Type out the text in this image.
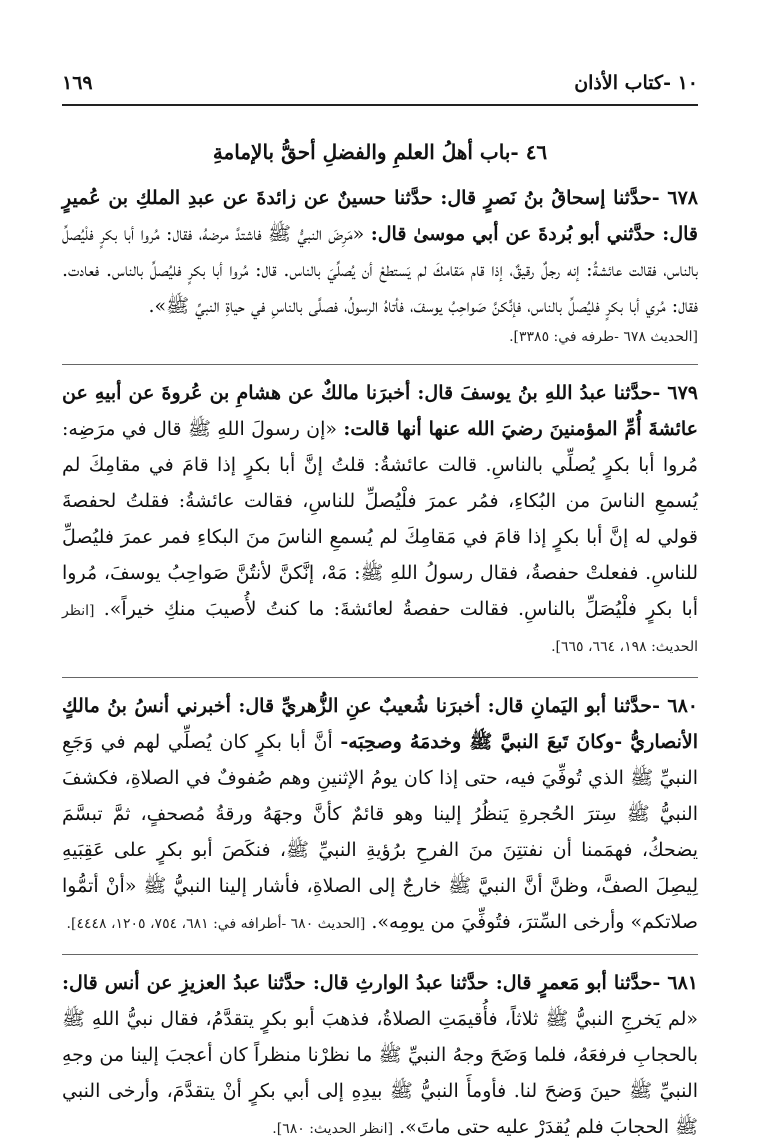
١٠ -كتاب الأذان
١٦٩
٤٦ -باب أهلُ العلمِ والفضلِ أحقُّ بالإمامةِ

٦٧٨ -حدَّثنا إسحاقُ بنُ نَصرٍ قال: حدَّثنا حسينٌ عن زائدةَ عن عبدِ الملكِ بن عُميرٍ قال: حدَّثني أبو بُردةَ عن أبي موسىٰ قال: «مَرِضَ النبيُّ ﷺ فاشتدَّ مرضهُ، فقال: مُروا أبا بكرٍ فلْيُصلِّ بالناس، فقالت عائشةُ: إنه رجلٌ رقيقٌ، إذا قام مَقامكَ لم يَستطعْ أن يُصلِّيَ بالناس. قال: مُروا أبا بكرٍ فليُصلِّ بالناس. فعادت. فقال: مُري أبا بكرٍ فليُصلِّ بالناس، فإنَّكنَّ صَواحِبُ يوسفَ، فأتاهُ الرسولُ، فصلَّى بالناسِ في حياةِ النبيِّ ﷺ».

[الحديث ٦٧٨ -طرفه في: ٣٣٨٥].

٦٧٩ -حدَّثنا عبدُ اللهِ بنُ يوسفَ قال: أخبرَنا مالكٌ عن هشامِ بن عُروةَ عن أبيهِ عن عائشةَ أُمِّ المؤمنينَ رضيَ الله عنها أنها قالت: «إن رسولَ اللهِ ﷺ قال في مرَضِه: مُروا أبا بكرٍ يُصلِّي بالناسِ. قالت عائشةُ: قلتُ إنَّ أبا بكرٍ إذا قامَ في مقامِكَ لم يُسمعِ الناسَ من البُكاءِ، فمُر عمرَ فلْيُصلِّ للناسِ، فقالت عائشةُ: فقلتُ لحفصةَ قولي له إنَّ أبا بكرٍ إذا قامَ في مَقامِكَ لم يُسمعِ الناسَ منَ البكاءِ فمر عمرَ فليُصلِّ للناسِ. ففعلتْ حفصةُ، فقال رسولُ اللهِ ﷺ: مَهْ، إنَّكنَّ لأنتُنَّ صَواحِبُ يوسفَ، مُروا أبا بكرٍ فلْيُصَلِّ بالناسِ. فقالت حفصةُ لعائشةَ: ما كنتُ لأُصيبَ منكِ خيراً». [انظر الحديث: ١٩٨، ٦٦٤، ٦٦٥].

٦٨٠ -حدَّثنا أبو اليَمانِ قال: أخبرَنا شُعيبٌ عنِ الزُّهريِّ قال: أخبرني أنسُ بنُ مالكٍ الأنصاريُّ -وكانَ تَبعَ النبيَّ ﷺ وخدمَهُ وصحِبَه- أنَّ أبا بكرٍ كان يُصلِّي لهم في وَجَعِ النبيِّ ﷺ الذي تُوفِّيَ فيه، حتى إذا كان يومُ الإثنينِ وهم صُفوفٌ في الصلاةِ، فكشفَ النبيُّ ﷺ سِترَ الحُجرةِ يَنظُرُ إلينا وهو قائمٌ كأنَّ وجهَهُ ورقةُ مُصحفٍ، ثمَّ تبسَّمَ يضحكُ، فهمَمنا أن نفتتِنَ منَ الفرحِ برُؤيةِ النبيِّ ﷺ، فنكَصَ أبو بكرٍ على عَقِبَيهِ لِيصِلَ الصفَّ، وظنَّ أنَّ النبيَّ ﷺ خارجٌ إلى الصلاةِ، فأشار إلينا النبيُّ ﷺ «أنْ أتمُّوا صلاتكم» وأرخى السِّترَ، فتُوفِّيَ من يومِه». [الحديث ٦٨٠ -أطرافه في: ٦٨١، ٧٥٤، ١٢٠٥، ٤٤٤٨].

٦٨١ -حدَّثنا أبو مَعمرٍ قال: حدَّثنا عبدُ الوارثِ قال: حدَّثنا عبدُ العزيزِ عن أنس قال: «لم يَخرجِ النبيُّ ﷺ ثلاثاً، فأُقيمَتِ الصلاةُ، فذهبَ أبو بكرٍ يتقدَّمُ، فقال نبيُّ اللهِ ﷺ بالحجابِ فرفعَهُ، فلما وَضَحَ وجهُ النبيِّ ﷺ ما نظرْنا منظراً كان أعجبَ إلينا من وجهِ النبيِّ ﷺ حينَ وَضحَ لنا. فأومأَ النبيُّ ﷺ بيدِهِ إلى أبي بكرٍ أنْ يتقدَّمَ، وأرخى النبي ﷺ الحجابَ فلم يُقدَرْ عليه حتى ماتَ». [انظر الحديث: ٦٨٠].
